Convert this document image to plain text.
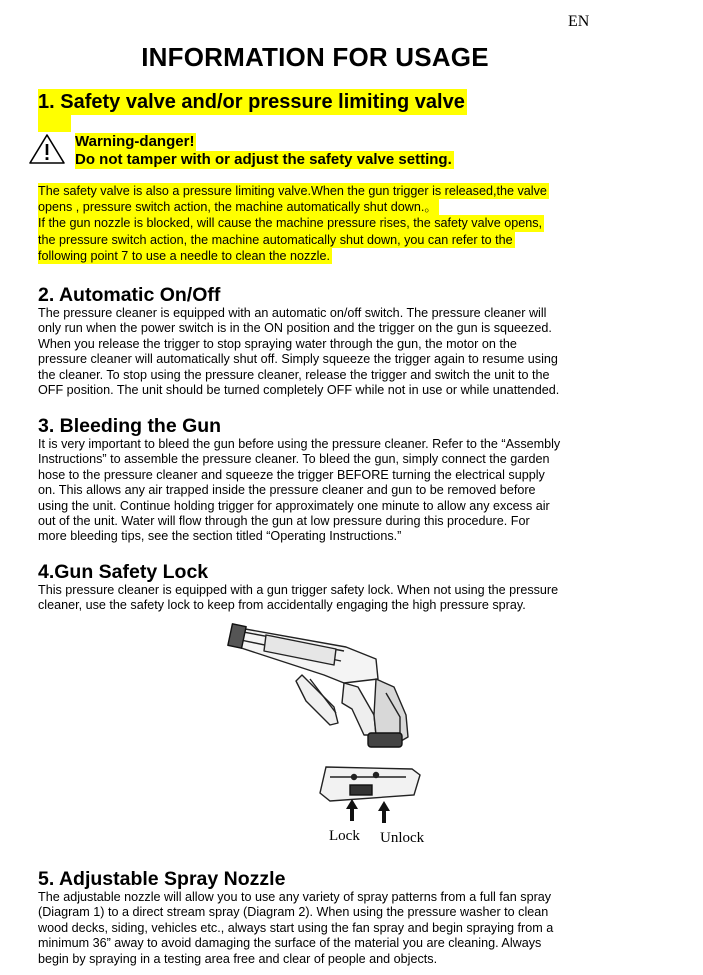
EN
INFORMATION FOR USAGE
1. Safety valve and/or pressure limiting valve
Warning-danger!
Do not tamper with or adjust the safety valve setting.
The safety valve is also a pressure limiting valve.When the gun trigger is released,the valve
opens , pressure switch action, the machine automatically shut down.。
If the gun nozzle is blocked, will cause the machine pressure rises, the safety valve opens,
the pressure switch action, the machine automatically shut down, you can refer to the
following point 7 to use a needle to clean the nozzle.
2. Automatic On/Off
The pressure cleaner is equipped with an automatic on/off switch. The pressure cleaner will
only run when the power switch is in the ON position and the trigger on the gun is squeezed.
When you release the trigger to stop spraying water through the gun, the motor on the
pressure cleaner will automatically shut off. Simply squeeze the trigger again to resume using
the cleaner. To stop using the pressure cleaner, release the trigger and switch the unit to the
OFF position. The unit should be turned completely OFF while not in use or while unattended.
3. Bleeding the Gun
It is very important to bleed the gun before using the pressure cleaner. Refer to the “Assembly
Instructions” to assemble the pressure cleaner. To bleed the gun, simply connect the garden
hose to the pressure cleaner and squeeze the trigger BEFORE turning the electrical supply
on. This allows any air trapped inside the pressure cleaner and gun to be removed before
using the unit. Continue holding trigger for approximately one minute to allow any excess air
out of the unit. Water will flow through the gun at low pressure during this procedure. For
more bleeding tips, see the section titled “Operating Instructions.”
4.Gun Safety Lock
This pressure cleaner is equipped with a gun trigger safety lock. When not using the pressure
cleaner, use the safety lock to keep from accidentally engaging the high pressure spray.
Lock Unlock
5. Adjustable Spray Nozzle
The adjustable nozzle will allow you to use any variety of spray patterns from a full fan spray
(Diagram 1) to a direct stream spray (Diagram 2). When using the pressure washer to clean
wood decks, siding, vehicles etc., always start using the fan spray and begin spraying from a
minimum 36” away to avoid damaging the surface of the material you are cleaning. Always
begin by spraying in a testing area free and clear of people and objects.
